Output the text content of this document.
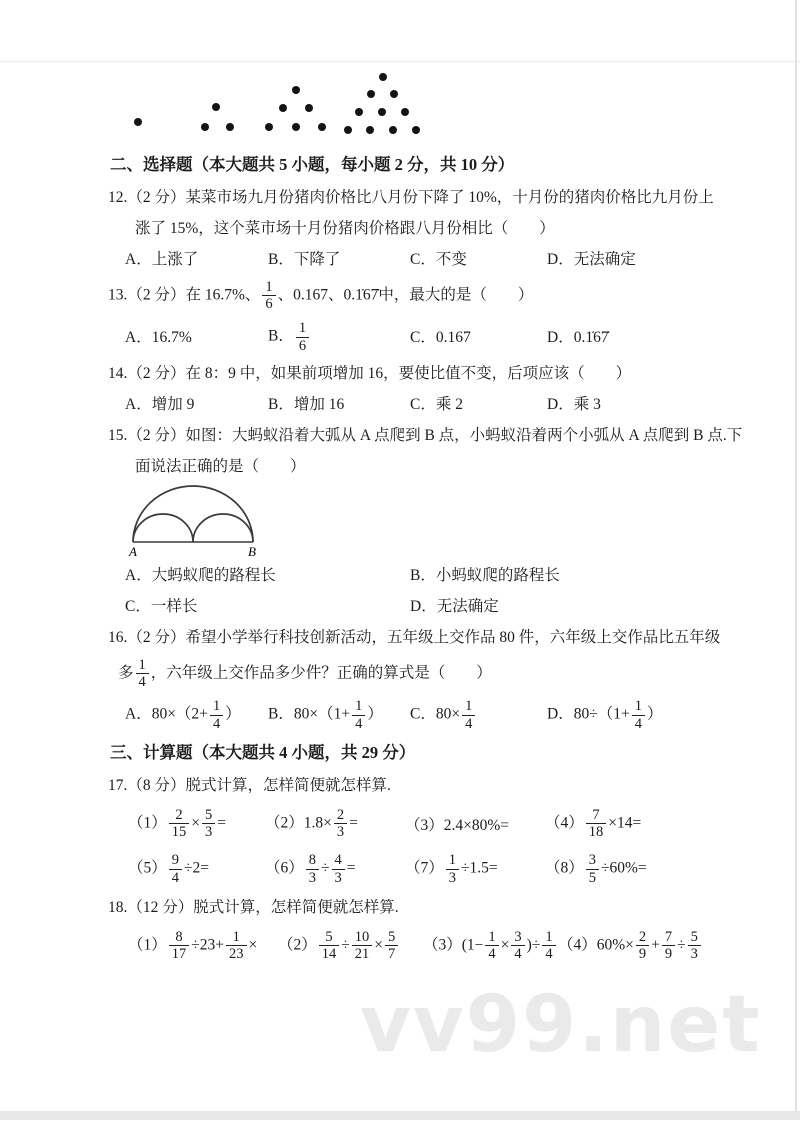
vv99.net
二、选择题（本大题共 5 小题，每小题 2 分，共 10 分）
12.（2 分）某菜市场九月份猪肉价格比八月份下降了 10%，十月份的猪肉价格比九月份上
涨了 15%，这个菜市场十月份猪肉价格跟八月份相比（　　）
A．上涨了	B．下降了	C．不变	D．无法确定
13.（2 分）在 16.7%、 $\frac{1}{6}$ 、0.167、0.1̇67̇中，最大的是（　　）
A．16.7%	B． $\frac{1}{6}$	C．0.167	D．0.1̇67̇
14.（2 分）在 8：9 中，如果前项增加 16，要使比值不变，后项应该（　　）
A．增加 9	B．增加 16	C．乘 2	D．乘 3
15.（2 分）如图：大蚂蚁沿着大弧从 A 点爬到 B 点，小蚂蚁沿着两个小弧从 A 点爬到 B 点.下
面说法正确的是（　　）
A	B
A．大蚂蚁爬的路程长	B．小蚂蚁爬的路程长
C．一样长	D．无法确定
16.（2 分）希望小学举行科技创新活动，五年级上交作品 80 件，六年级上交作品比五年级
多 $\frac{1}{4}$ ，六年级上交作品多少件？正确的算式是（　　）
A．$80\times(2+ \frac{1}{4}$ ）	B．$80\times(1+ \frac{1}{4}$ ）	C．$80\times \frac{1}{4}$	D．$80\div(1+ \frac{1}{4}$ ）
三、计算题（本大题共 4 小题，共 29 分）
17.（8 分）脱式计算，怎样简便就怎样算.
$(1) \frac{2}{15} \times \frac{5}{3}$ =	$(2)1.8\times \frac{2}{3}$ =	（3）2.4×80%=	$(4) \frac{7}{18} \times 14=$
$(5) \frac{9}{4} \div 2=$	$(6) \frac{8}{3} \div \frac{4}{3}$ =	$(7) \frac{1}{3} \div 1.5=$	$(8) \frac{3}{5} \div 60\%=$
18.（12 分）脱式计算，怎样简便就怎样算.
$(1) \frac{8}{17} \div 23+ \frac{1}{23}$ ×	$(2) \frac{5}{14} \div \frac{10}{21} \times \frac{5}{7} (3)(1- \frac{1}{4} \times \frac{3}{4}$ )÷ $\frac{1}{4} (4)60\%\times \frac{2}{9} + \frac{7}{9} \div \frac{5}{3}$
